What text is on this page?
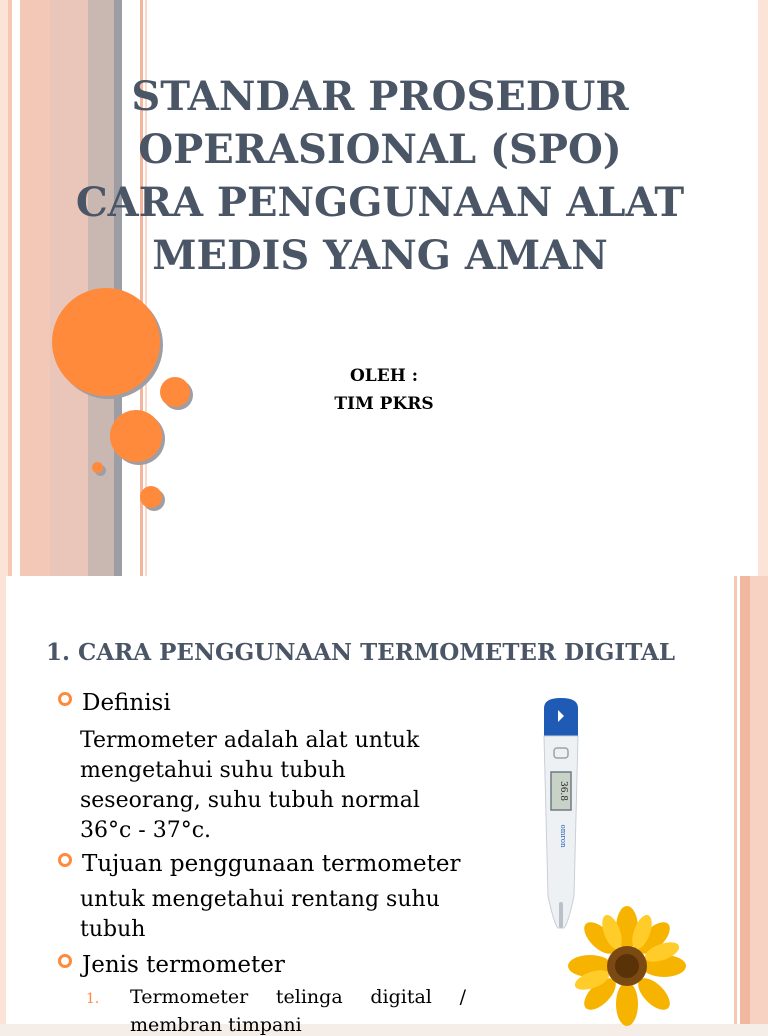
STANDAR PROSEDUR
OPERASIONAL (SPO)
CARA PENGGUNAAN ALAT
MEDIS YANG AMAN
OLEH :
TIM PKRS
1. CARA PENGGUNAAN TERMOMETER DIGITAL
Definisi
Termometer adalah alat untuk
mengetahui suhu tubuh
seseorang, suhu tubuh normal
36°c - 37°c.
Tujuan penggunaan termometer
untuk mengetahui rentang suhu
tubuh
Jenis termometer
1. Termometer telinga digital /
membran timpani
36.8
omron
